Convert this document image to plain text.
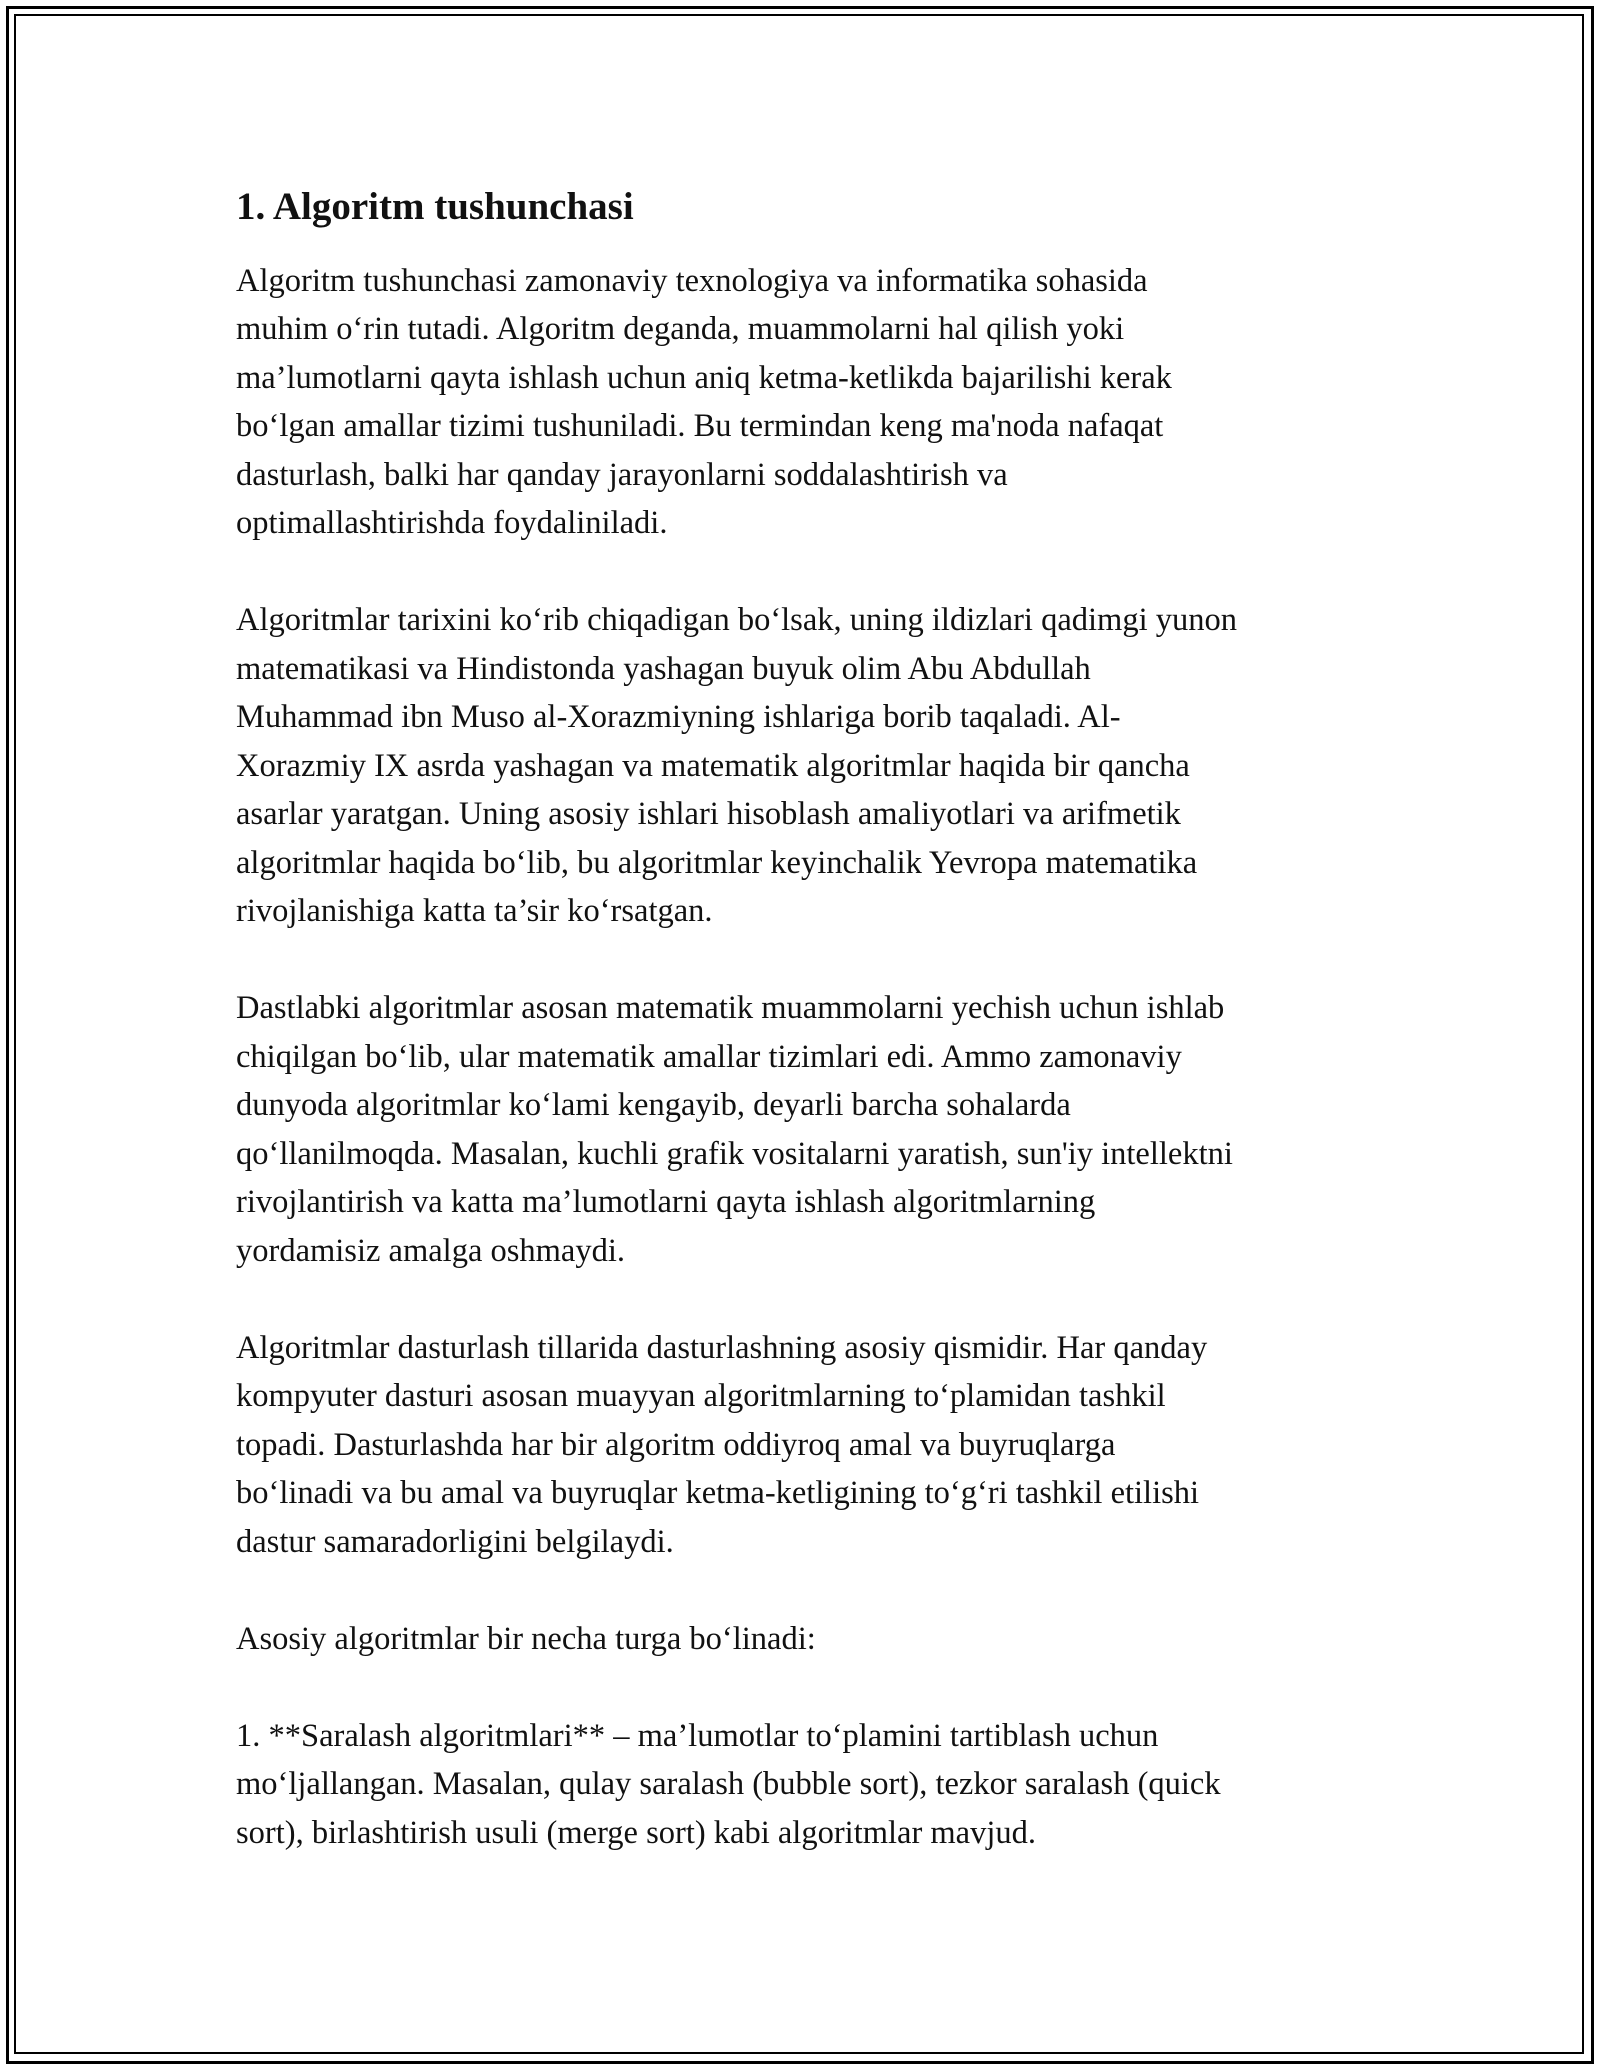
1. Algoritm tushunchasi

Algoritm tushunchasi zamonaviy texnologiya va informatika sohasida
muhim o‘rin tutadi. Algoritm deganda, muammolarni hal qilish yoki
ma’lumotlarni qayta ishlash uchun aniq ketma-ketlikda bajarilishi kerak
bo‘lgan amallar tizimi tushuniladi. Bu termindan keng ma'noda nafaqat
dasturlash, balki har qanday jarayonlarni soddalashtirish va
optimallashtirishda foydaliniladi.

Algoritmlar tarixini ko‘rib chiqadigan bo‘lsak, uning ildizlari qadimgi yunon
matematikasi va Hindistonda yashagan buyuk olim Abu Abdullah
Muhammad ibn Muso al-Xorazmiyning ishlariga borib taqaladi. Al-
Xorazmiy IX asrda yashagan va matematik algoritmlar haqida bir qancha
asarlar yaratgan. Uning asosiy ishlari hisoblash amaliyotlari va arifmetik
algoritmlar haqida bo‘lib, bu algoritmlar keyinchalik Yevropa matematika
rivojlanishiga katta ta’sir ko‘rsatgan.

Dastlabki algoritmlar asosan matematik muammolarni yechish uchun ishlab
chiqilgan bo‘lib, ular matematik amallar tizimlari edi. Ammo zamonaviy
dunyoda algoritmlar ko‘lami kengayib, deyarli barcha sohalarda
qo‘llanilmoqda. Masalan, kuchli grafik vositalarni yaratish, sun'iy intellektni
rivojlantirish va katta ma’lumotlarni qayta ishlash algoritmlarning
yordamisiz amalga oshmaydi.

Algoritmlar dasturlash tillarida dasturlashning asosiy qismidir. Har qanday
kompyuter dasturi asosan muayyan algoritmlarning to‘plamidan tashkil
topadi. Dasturlashda har bir algoritm oddiyroq amal va buyruqlarga
bo‘linadi va bu amal va buyruqlar ketma-ketligining to‘g‘ri tashkil etilishi
dastur samaradorligini belgilaydi.

Asosiy algoritmlar bir necha turga bo‘linadi:

1. **Saralash algoritmlari** – ma’lumotlar to‘plamini tartiblash uchun
mo‘ljallangan. Masalan, qulay saralash (bubble sort), tezkor saralash (quick
sort), birlashtirish usuli (merge sort) kabi algoritmlar mavjud.
